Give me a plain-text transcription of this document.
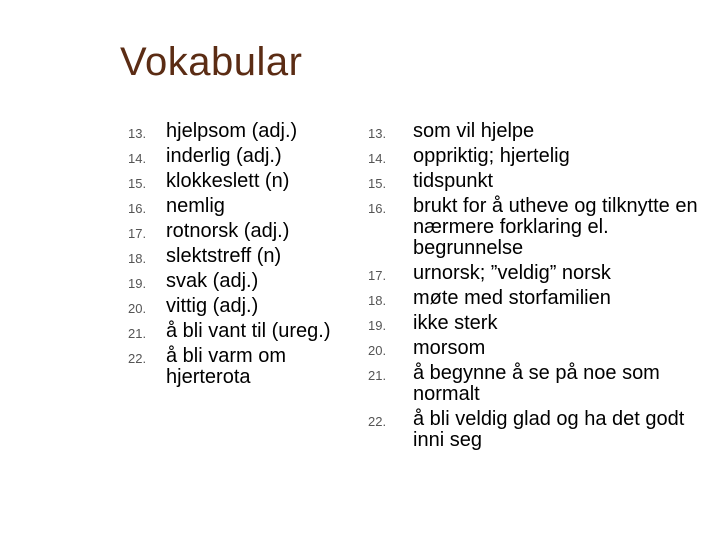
Vokabular
13. hjelpsom (adj.)
14. inderlig (adj.)
15. klokkeslett (n)
16. nemlig
17. rotnorsk (adj.)
18. slektstreff (n)
19. svak (adj.)
20. vittig (adj.)
21. å bli vant til (ureg.)
22. å bli varm om hjerterota
13.	som vil hjelpe
14.	oppriktig; hjertelig
15.	tidspunkt
16.	brukt for å utheve og tilknytte en nærmere forklaring el. begrunnelse
17.	urnorsk; ”veldig” norsk
18.	møte med storfamilien
19.	ikke sterk
20.	morsom
21.	å begynne å se på noe som normalt
22.	å bli veldig glad og ha det godt inni seg
